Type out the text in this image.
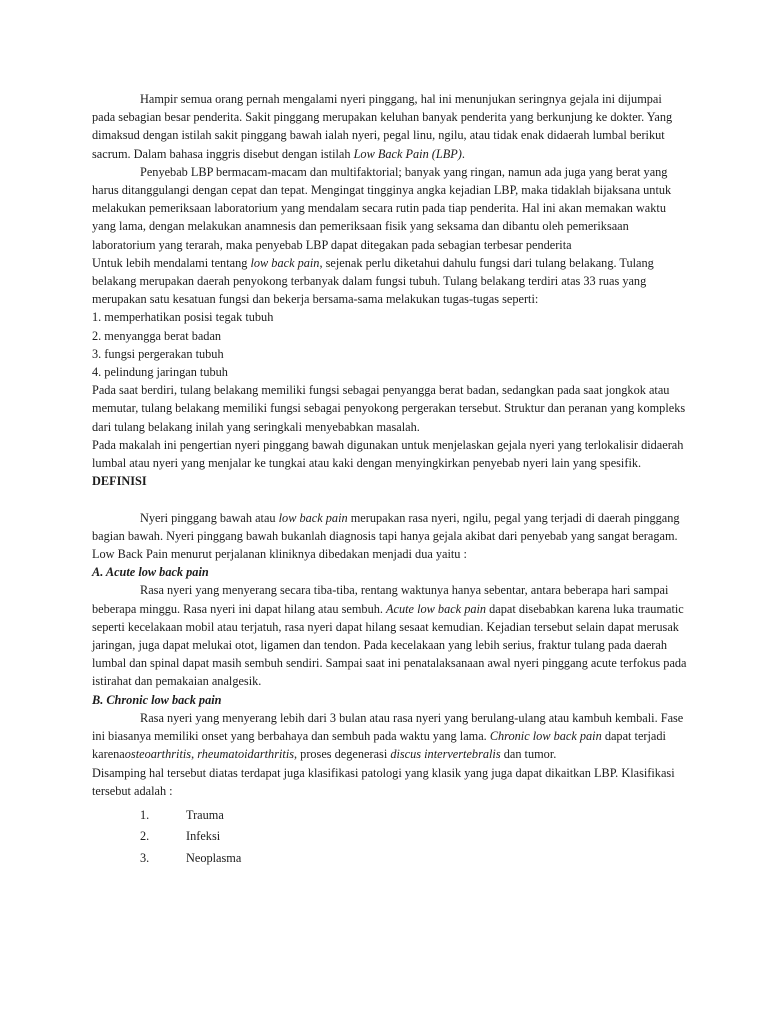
Hampir semua orang pernah mengalami nyeri pinggang, hal ini menunjukan seringnya gejala ini dijumpai pada sebagian besar penderita. Sakit pinggang merupakan keluhan banyak penderita yang berkunjung ke dokter. Yang dimaksud dengan istilah sakit pinggang bawah ialah nyeri, pegal linu, ngilu, atau tidak enak didaerah lumbal berikut sacrum. Dalam bahasa inggris disebut dengan istilah Low Back Pain (LBP).

Penyebab LBP bermacam-macam dan multifaktorial; banyak yang ringan, namun ada juga yang berat yang harus ditanggulangi dengan cepat dan tepat. Mengingat tingginya angka kejadian LBP, maka tidaklah bijaksana untuk melakukan pemeriksaan laboratorium yang mendalam secara rutin pada tiap penderita. Hal ini akan memakan waktu yang lama, dengan melakukan anamnesis dan pemeriksaan fisik yang seksama dan dibantu oleh pemeriksaan laboratorium yang terarah, maka penyebab LBP dapat ditegakan pada sebagian terbesar penderita

Untuk lebih mendalami tentang low back pain, sejenak perlu diketahui dahulu fungsi dari tulang belakang. Tulang belakang merupakan daerah penyokong terbanyak dalam fungsi tubuh. Tulang belakang terdiri atas 33 ruas yang merupakan satu kesatuan fungsi dan bekerja bersama-sama melakukan tugas-tugas seperti:

1. memperhatikan posisi tegak tubuh

2. menyangga berat badan

3. fungsi pergerakan tubuh

4. pelindung jaringan tubuh

Pada saat berdiri, tulang belakang memiliki fungsi sebagai penyangga berat badan, sedangkan pada saat jongkok atau memutar, tulang belakang memiliki fungsi sebagai penyokong pergerakan tersebut. Struktur dan peranan yang kompleks dari tulang belakang inilah yang seringkali menyebabkan masalah.

Pada makalah ini pengertian nyeri pinggang bawah digunakan untuk menjelaskan gejala nyeri yang terlokalisir didaerah lumbal atau nyeri yang menjalar ke tungkai atau kaki dengan menyingkirkan penyebab nyeri lain yang spesifik.

DEFINISI

Nyeri pinggang bawah atau low back pain merupakan rasa nyeri, ngilu, pegal yang terjadi di daerah pinggang bagian bawah. Nyeri pinggang bawah bukanlah diagnosis tapi hanya gejala akibat dari penyebab yang sangat beragam.

Low Back Pain menurut perjalanan kliniknya dibedakan menjadi dua yaitu :

A. Acute low back pain

Rasa nyeri yang menyerang secara tiba-tiba, rentang waktunya hanya sebentar, antara beberapa hari sampai beberapa minggu. Rasa nyeri ini dapat hilang atau sembuh. Acute low back pain dapat disebabkan karena luka traumatic seperti kecelakaan mobil atau terjatuh, rasa nyeri dapat hilang sesaat kemudian. Kejadian tersebut selain dapat merusak jaringan, juga dapat melukai otot, ligamen dan tendon. Pada kecelakaan yang lebih serius, fraktur tulang pada daerah lumbal dan spinal dapat masih sembuh sendiri. Sampai saat ini penatalaksanaan awal nyeri pinggang acute terfokus pada istirahat dan pemakaian analgesik.

B. Chronic low back pain

Rasa nyeri yang menyerang lebih dari 3 bulan atau rasa nyeri yang berulang-ulang atau kambuh kembali. Fase ini biasanya memiliki onset yang berbahaya dan sembuh pada waktu yang lama. Chronic low back pain dapat terjadi karenaosteoarthritis, rheumatoidarthritis, proses degenerasi discus intervertebralis dan tumor.

Disamping hal tersebut diatas terdapat juga klasifikasi patologi yang klasik yang juga dapat dikaitkan LBP. Klasifikasi tersebut adalah :

1.	Trauma
2.	Infeksi
3.	Neoplasma
